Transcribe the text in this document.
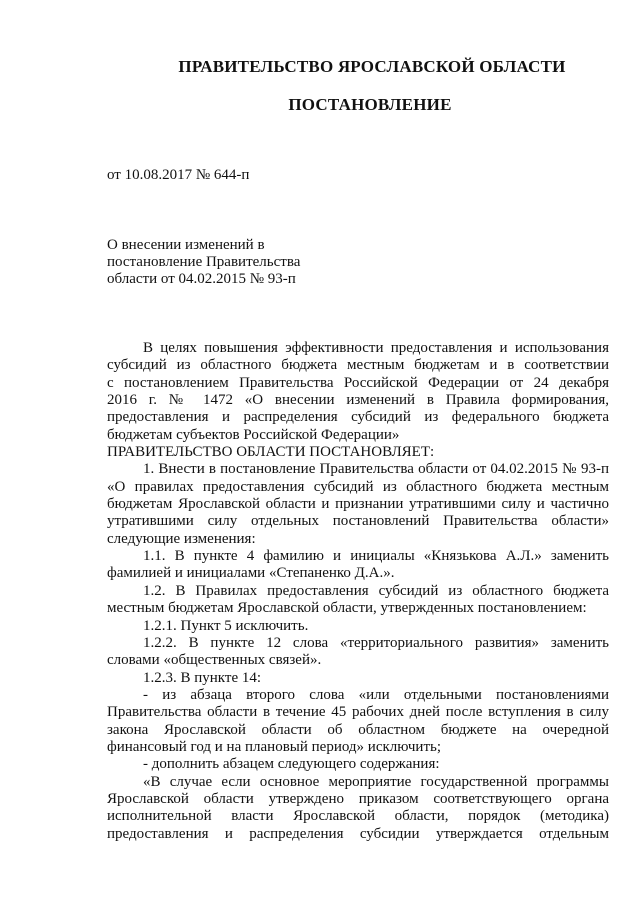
ПРАВИТЕЛЬСТВО ЯРОСЛАВСКОЙ ОБЛАСТИ
ПОСТАНОВЛЕНИЕ
от 10.08.2017 № 644-п
О внесении изменений в
постановление Правительства
области от 04.02.2015 № 93-п
В целях повышения эффективности предоставления и использования
субсидий из областного бюджета местным бюджетам и в соответствии
с постановлением Правительства Российской Федерации от 24 декабря
2016 г. № 1472 «О внесении изменений в Правила формирования,
предоставления и распределения субсидий из федерального бюджета
бюджетам субъектов Российской Федерации»
ПРАВИТЕЛЬСТВО ОБЛАСТИ ПОСТАНОВЛЯЕТ:
1. Внести в постановление Правительства области от 04.02.2015 № 93-п
«О правилах предоставления субсидий из областного бюджета местным
бюджетам Ярославской области и признании утратившими силу и частично
утратившими силу отдельных постановлений Правительства области»
следующие изменения:
1.1. В пункте 4 фамилию и инициалы «Князькова А.Л.» заменить
фамилией и инициалами «Степаненко Д.А.».
1.2. В Правилах предоставления субсидий из областного бюджета
местным бюджетам Ярославской области, утвержденных постановлением:
1.2.1. Пункт 5 исключить.
1.2.2. В пункте 12 слова «территориального развития» заменить
словами «общественных связей».
1.2.3. В пункте 14:
- из абзаца второго слова «или отдельными постановлениями
Правительства области в течение 45 рабочих дней после вступления в силу
закона Ярославской области об областном бюджете на очередной
финансовый год и на плановый период» исключить;
- дополнить абзацем следующего содержания:
«В случае если основное мероприятие государственной программы
Ярославской области утверждено приказом соответствующего органа
исполнительной власти Ярославской области, порядок (методика)
предоставления и распределения субсидии утверждается отдельным
